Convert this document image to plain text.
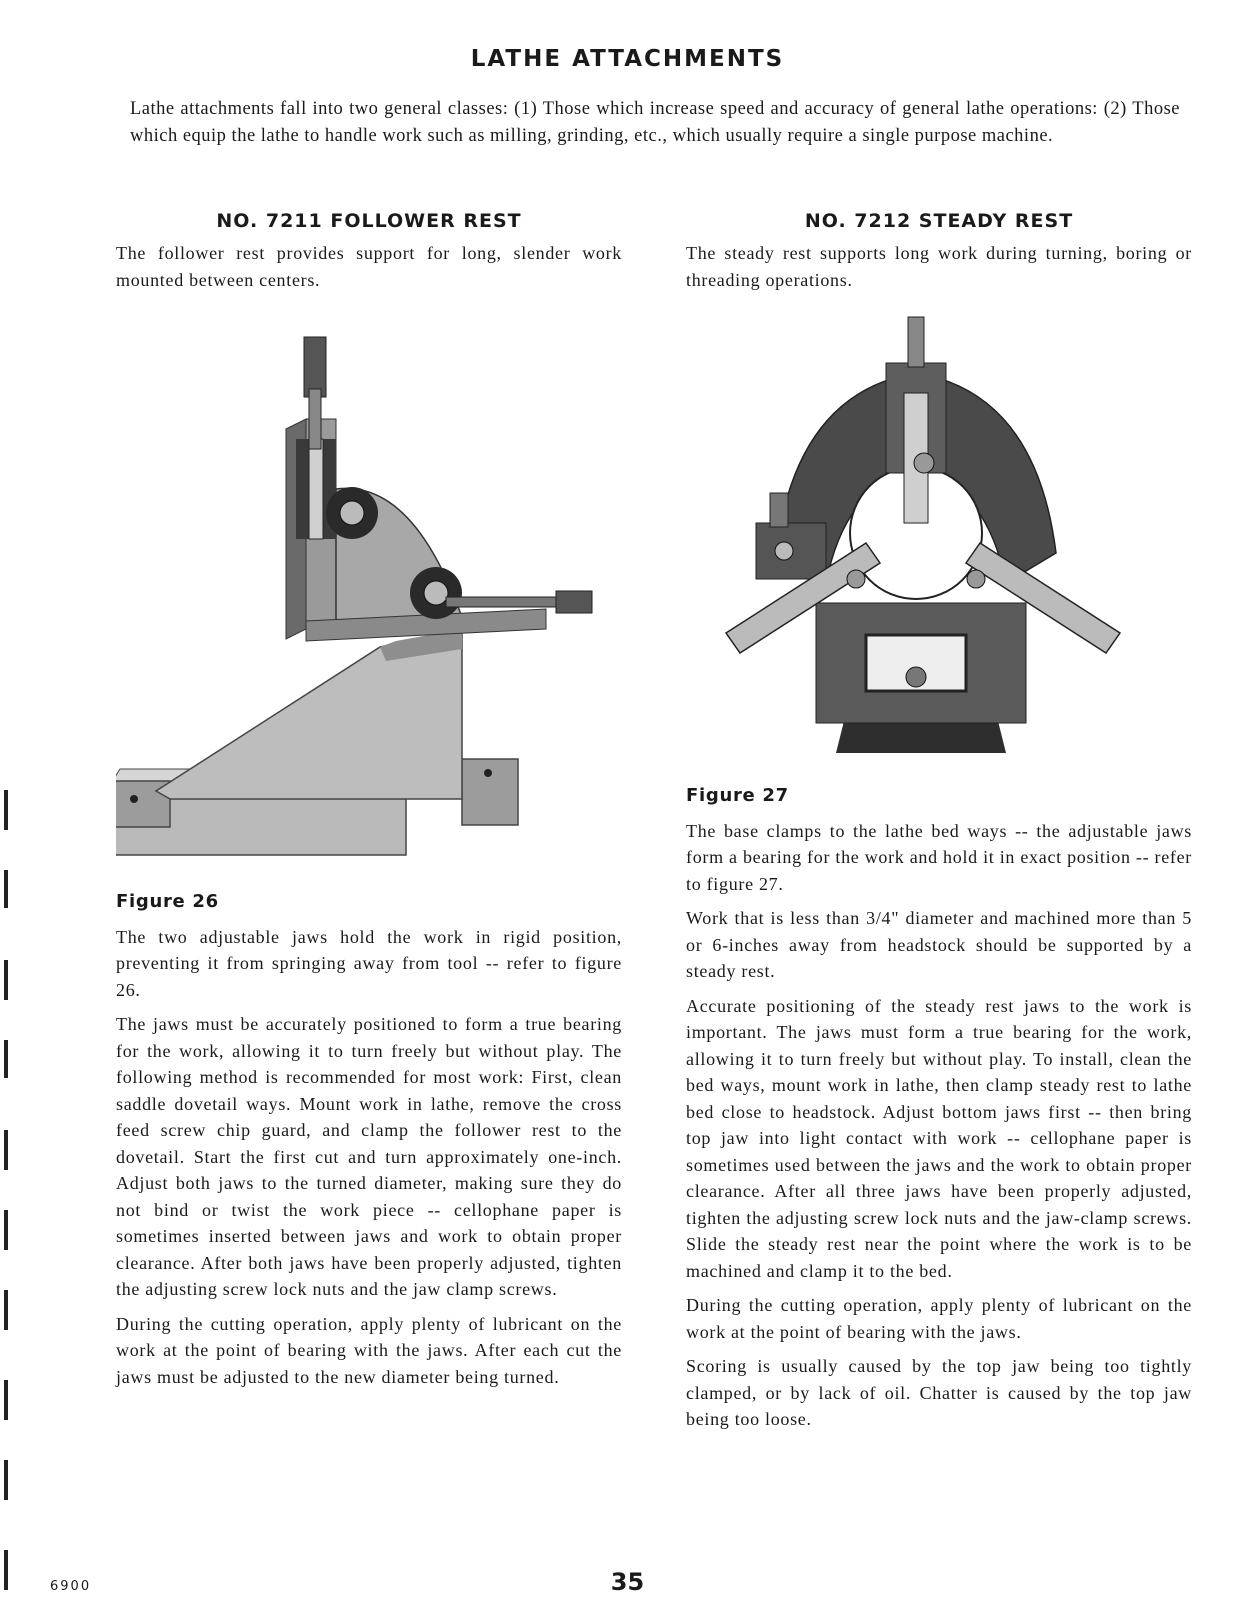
LATHE ATTACHMENTS

Lathe attachments fall into two general classes: (1) Those which increase speed and accuracy of general lathe operations: (2) Those which equip the lathe to handle work such as milling, grinding, etc., which usually require a single purpose machine.

NO. 7211 FOLLOWER REST

The follower rest provides support for long, slender work mounted between centers.

Figure 26

The two adjustable jaws hold the work in rigid position, preventing it from springing away from tool -- refer to figure 26.

The jaws must be accurately positioned to form a true bearing for the work, allowing it to turn freely but without play. The following method is recommended for most work: First, clean saddle dovetail ways. Mount work in lathe, remove the cross feed screw chip guard, and clamp the follower rest to the dovetail. Start the first cut and turn approximately one-inch. Adjust both jaws to the turned diameter, making sure they do not bind or twist the work piece -- cellophane paper is sometimes inserted between jaws and work to obtain proper clearance. After both jaws have been properly adjusted, tighten the adjusting screw lock nuts and the jaw clamp screws.

During the cutting operation, apply plenty of lubricant on the work at the point of bearing with the jaws. After each cut the jaws must be adjusted to the new diameter being turned.

NO. 7212 STEADY REST

The steady rest supports long work during turning, boring or threading operations.

Figure 27

The base clamps to the lathe bed ways -- the adjustable jaws form a bearing for the work and hold it in exact position -- refer to figure 27.

Work that is less than 3/4" diameter and machined more than 5 or 6-inches away from headstock should be supported by a steady rest.

Accurate positioning of the steady rest jaws to the work is important. The jaws must form a true bearing for the work, allowing it to turn freely but without play. To install, clean the bed ways, mount work in lathe, then clamp steady rest to lathe bed close to headstock. Adjust bottom jaws first -- then bring top jaw into light contact with work -- cellophane paper is sometimes used between the jaws and the work to obtain proper clearance. After all three jaws have been properly adjusted, tighten the adjusting screw lock nuts and the jaw-clamp screws. Slide the steady rest near the point where the work is to be machined and clamp it to the bed.

During the cutting operation, apply plenty of lubricant on the work at the point of bearing with the jaws.

Scoring is usually caused by the top jaw being too tightly clamped, or by lack of oil. Chatter is caused by the top jaw being too loose.

6900	35
